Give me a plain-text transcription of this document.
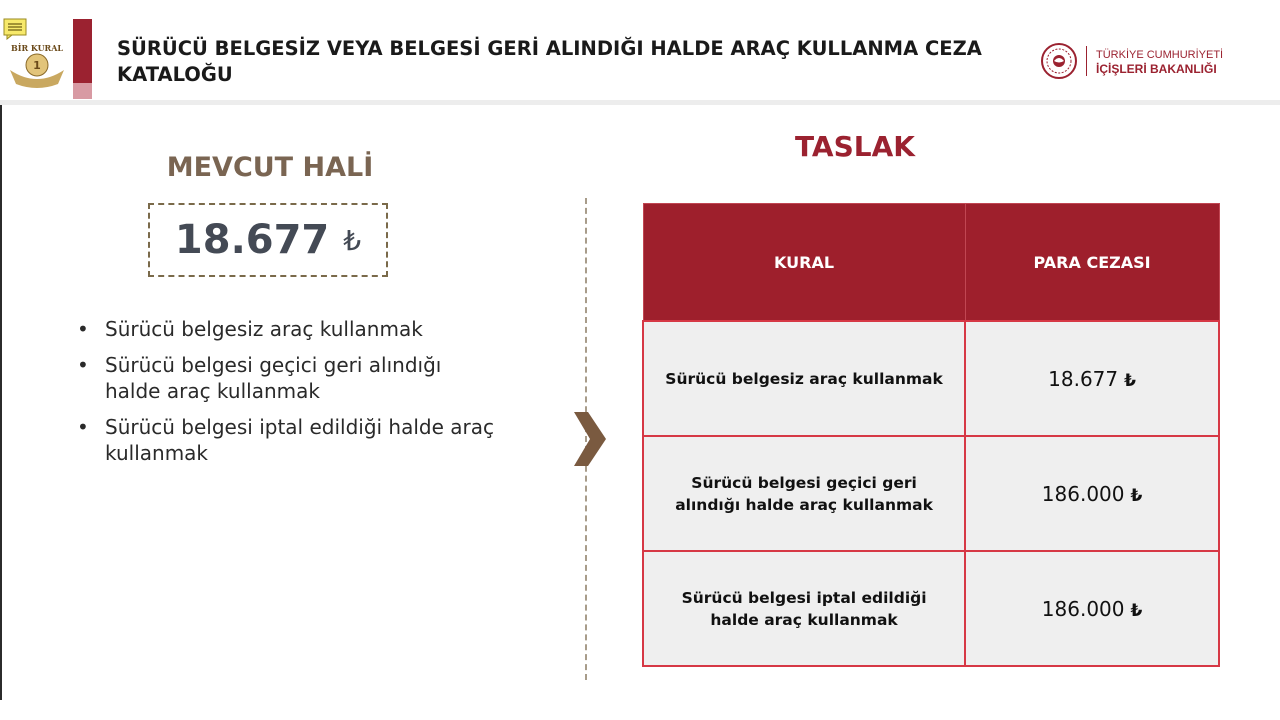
1
BİR KURAL	SÜRÜCÜ BELGESİZ VEYA BELGESİ GERİ ALINDIĞI HALDE ARAÇ KULLANMA CEZA KATALOĞU
TÜRKİYE CUMHURİYETİ
İÇİŞLERİ BAKANLIĞI
MEVCUT HALİ
18.677 ₺
• Sürücü belgesiz araç kullanmak
• Sürücü belgesi geçici geri alındığı halde araç kullanmak
• Sürücü belgesi iptal edildiği halde araç kullanmak
TASLAK
KURAL	PARA CEZASI
Sürücü belgesiz araç kullanmak	18.677 ₺
Sürücü belgesi geçici geri alındığı halde araç kullanmak	186.000 ₺
Sürücü belgesi iptal edildiği halde araç kullanmak	186.000 ₺
